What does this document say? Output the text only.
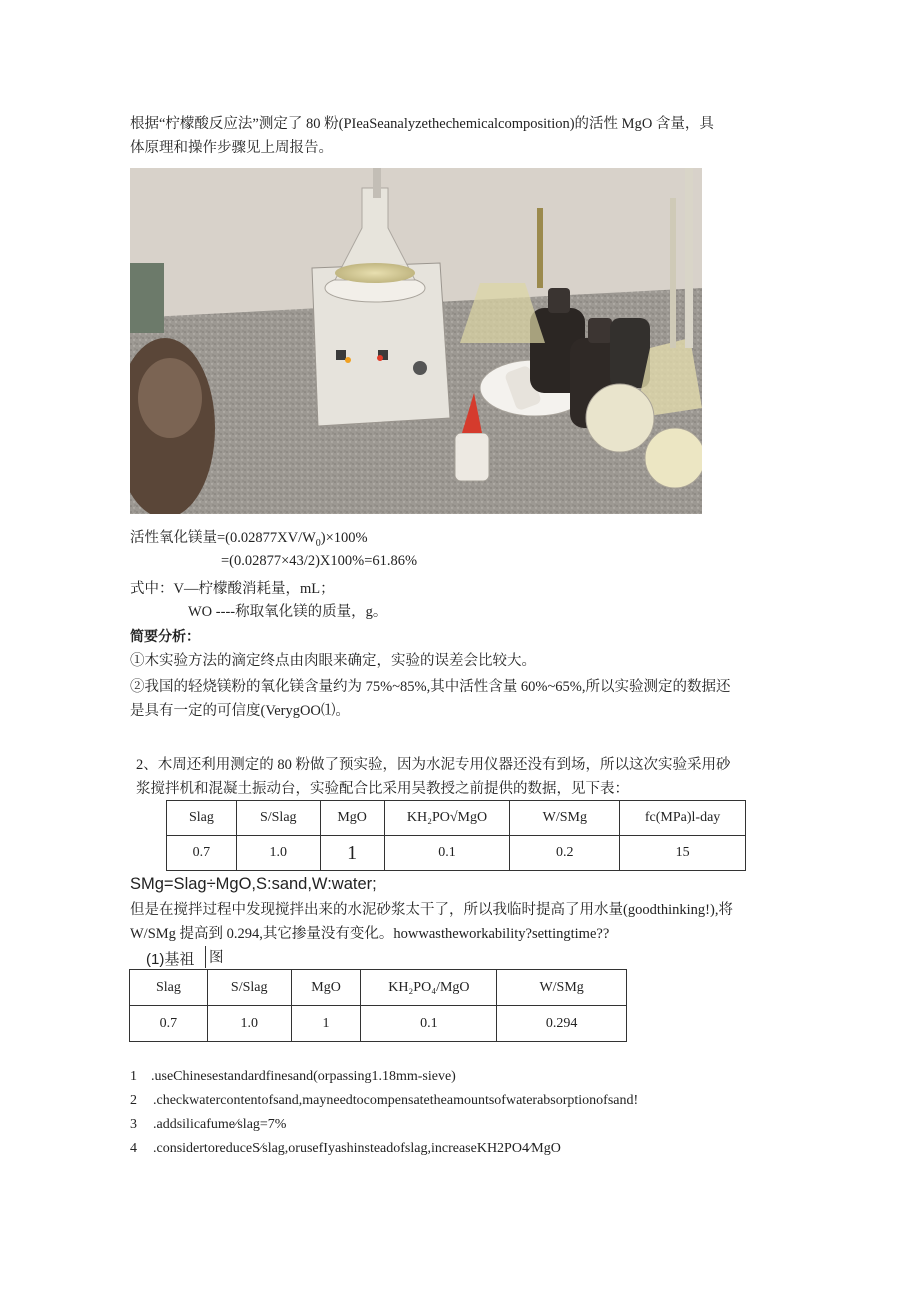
根据“柠檬酸反应法”测定了 80 粉(PIeaSeanalyzethechemicalcomposition)的活性 MgO 含量，具
体原理和操作步骤见上周报告。
活性氧化镁量$=(0.02877XV/W_0)\times 100\%$
=(0.02877×43/2)X100%=61.86%
式中：V—柠檬酸消耗量，mL；
WO ----称取氧化镁的质量，g。
简要分析：
①木实验方法的滴定终点由肉眼来确定，实验的误差会比较大。
②我国的轻烧镁粉的氧化镁含量约为 75%~85%,其中活性含量 60%~65%,所以实验测定的数据还
是具有一定的可信度(VerygOO⑴。
2、木周还利用测定的 80 粉做了预实验，因为水泥专用仪器还没有到场，所以这次实验采用砂
浆搅拌机和混凝土振动台，实验配合比采用吴教授之前提供的数据，见下表：
Slag	S/Slag	MgO	KH₂PO√MgO	W/SMg	fc(MPa)l-day
0.7	1.0	1	0.1	0.2	15
SMg=Slag÷MgO,S:sand,W:water;
但是在搅拌过程中发现搅拌出来的水泥砂浆太干了，所以我临时提高了用水量(goodthinking!),将
W/SMg 提高到 0.294,其它掺量没有变化。howwastheworkability?settingtime??
(1)基祖 图
Slag	S/Slag	MgO	KH₂PO₄/MgO	W/SMg
0.7	1.0	1	0.1	0.294
1 .useChinesestandardfinesand(orpassing1.18mm-sieve)
2 .checkwatercontentofsand,mayneedtocompensatetheamountsofwaterabsorptionofsand!
3 .addsilicafume∕slag=7%
4 .considertoreduceS∕slag,orusefIyashinsteadofslag,increaseKH2PO4∕MgO
